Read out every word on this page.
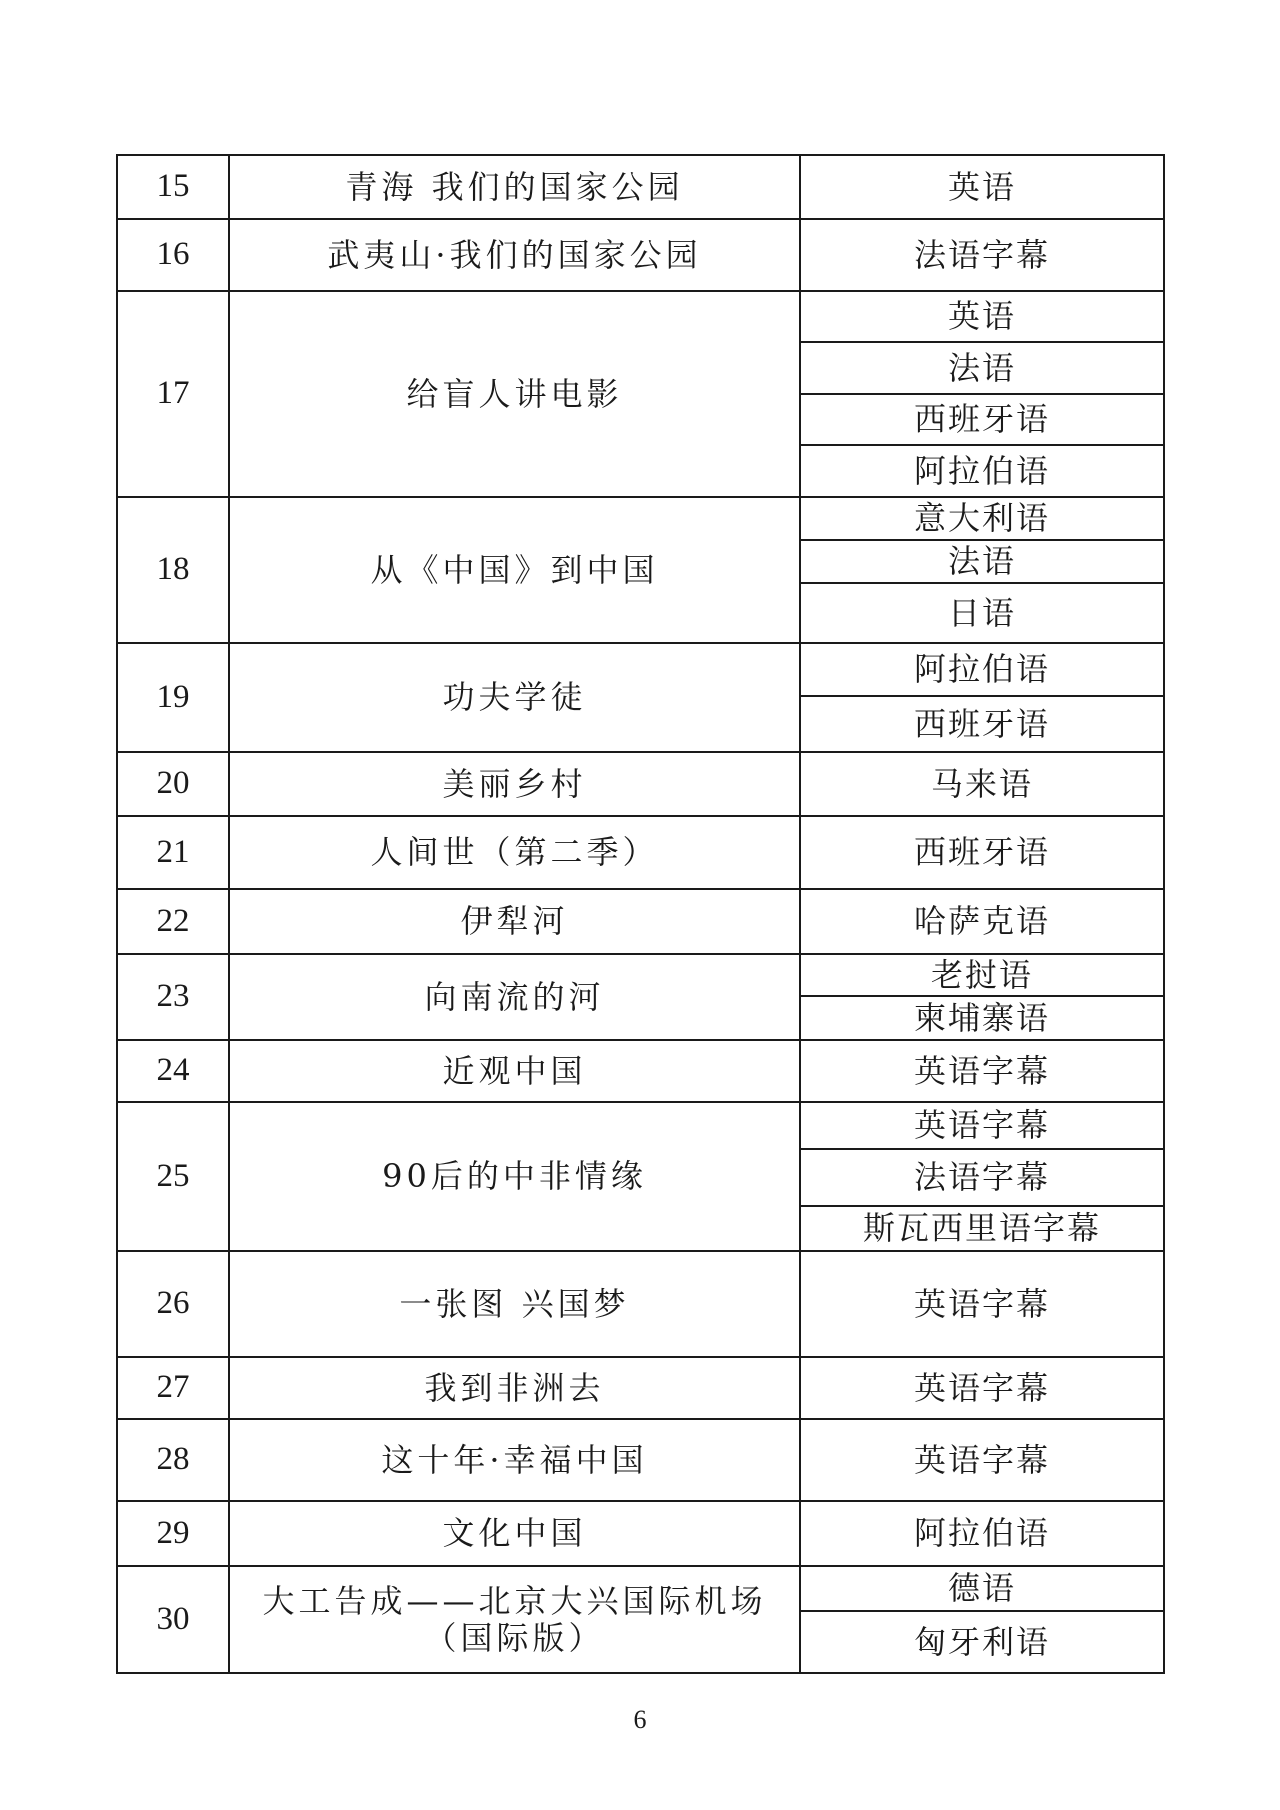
15	青海 我们的国家公园	英语
16	武夷山·我们的国家公园	法语字幕
17	给盲人讲电影	英语
		法语
		西班牙语
		阿拉伯语
18	从《中国》到中国	意大利语
		法语
		日语
19	功夫学徒	阿拉伯语
		西班牙语
20	美丽乡村	马来语
21	人间世（第二季）	西班牙语
22	伊犁河	哈萨克语
23	向南流的河	老挝语
		柬埔寨语
24	近观中国	英语字幕
25	90后的中非情缘	英语字幕
		法语字幕
		斯瓦西里语字幕
26	一张图 兴国梦	英语字幕
27	我到非洲去	英语字幕
28	这十年·幸福中国	英语字幕
29	文化中国	阿拉伯语
30	大工告成——北京大兴国际机场（国际版）	德语
		匈牙利语
6
